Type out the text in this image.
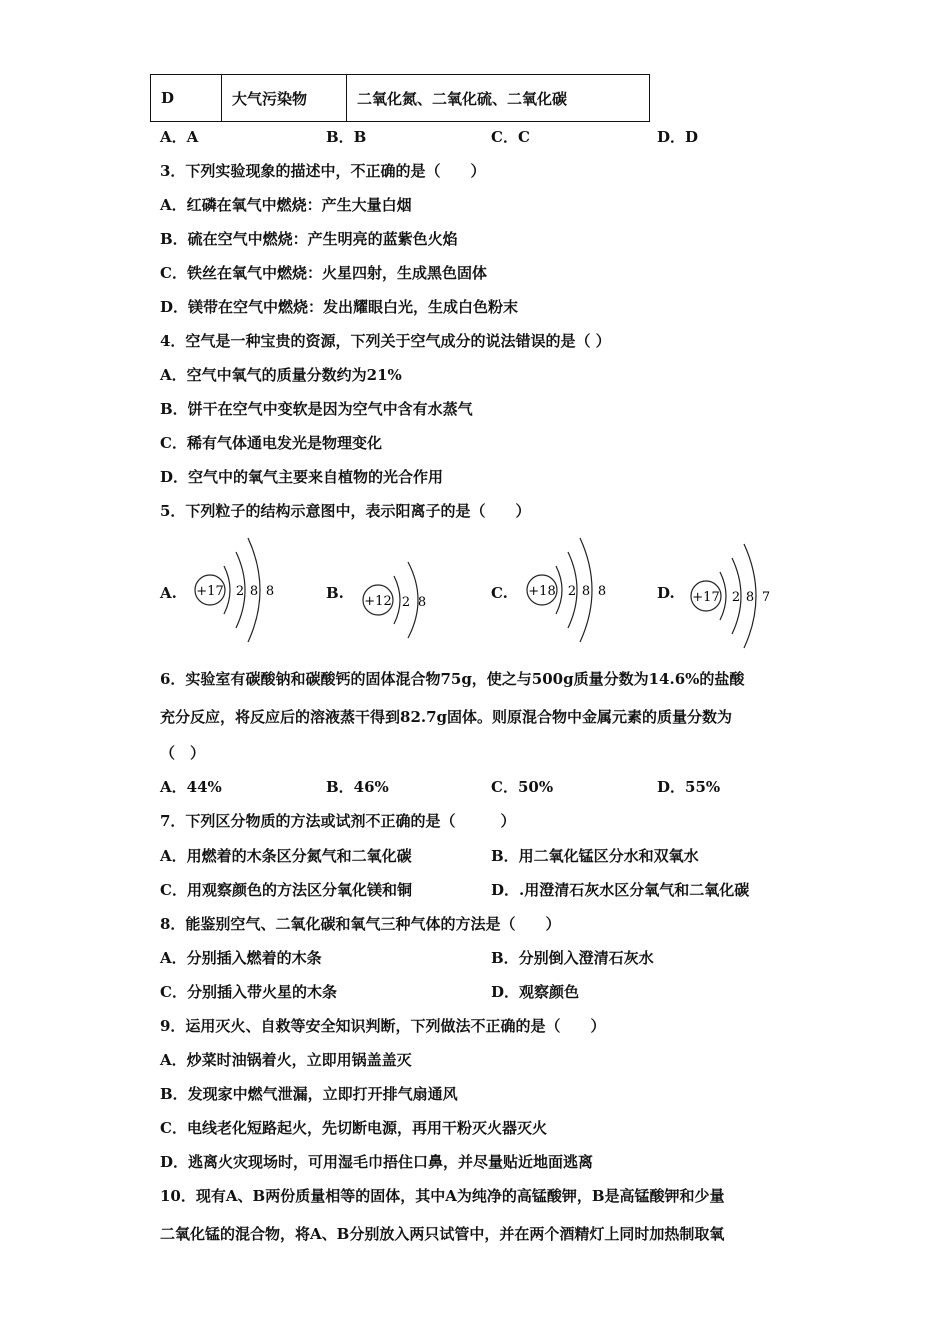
D	大气污染物	二氧化氮、二氧化硫、二氧化碳
A．A	B．B	C．C	D．D
3．下列实验现象的描述中，不正确的是（　　）
A．红磷在氧气中燃烧：产生大量白烟
B．硫在空气中燃烧：产生明亮的蓝紫色火焰
C．铁丝在氧气中燃烧：火星四射，生成黑色固体
D．镁带在空气中燃烧：发出耀眼白光，生成白色粉末
4．空气是一种宝贵的资源，下列关于空气成分的说法错误的是（ ）
A．空气中氧气的质量分数约为21%
B．饼干在空气中变软是因为空气中含有水蒸气
C．稀有气体通电发光是物理变化
D．空气中的氧气主要来自植物的光合作用
5．下列粒子的结构示意图中，表示阳离子的是（　　）
A. +17 2 8 8	B. +12 2 8
C. +18 2 8 8	D. +17 2 8 7
6．实验室有碳酸钠和碳酸钙的固体混合物75g，使之与500g质量分数为14.6%的盐酸
充分反应，将反应后的溶液蒸干得到82.7g固体。则原混合物中金属元素的质量分数为
（　）
A．44%	B．46%	C．50%	D．55%
7．下列区分物质的方法或试剂不正确的是（　　　）
A．用燃着的木条区分氮气和二氧化碳	B．用二氧化锰区分水和双氧水
C．用观察颜色的方法区分氧化镁和铜	D．.用澄清石灰水区分氧气和二氧化碳
8．能鉴别空气、二氧化碳和氧气三种气体的方法是（　　）
A．分别插入燃着的木条	B．分别倒入澄清石灰水
C．分别插入带火星的木条	D．观察颜色
9．运用灭火、自救等安全知识判断，下列做法不正确的是（　　）
A．炒菜时油锅着火，立即用锅盖盖灭
B．发现家中燃气泄漏，立即打开排气扇通风
C．电线老化短路起火，先切断电源，再用干粉灭火器灭火
D．逃离火灾现场时，可用湿毛巾捂住口鼻，并尽量贴近地面逃离
10．现有A、B两份质量相等的固体，其中A为纯净的高锰酸钾，B是高锰酸钾和少量
二氧化锰的混合物，将A、B分别放入两只试管中，并在两个酒精灯上同时加热制取氧
